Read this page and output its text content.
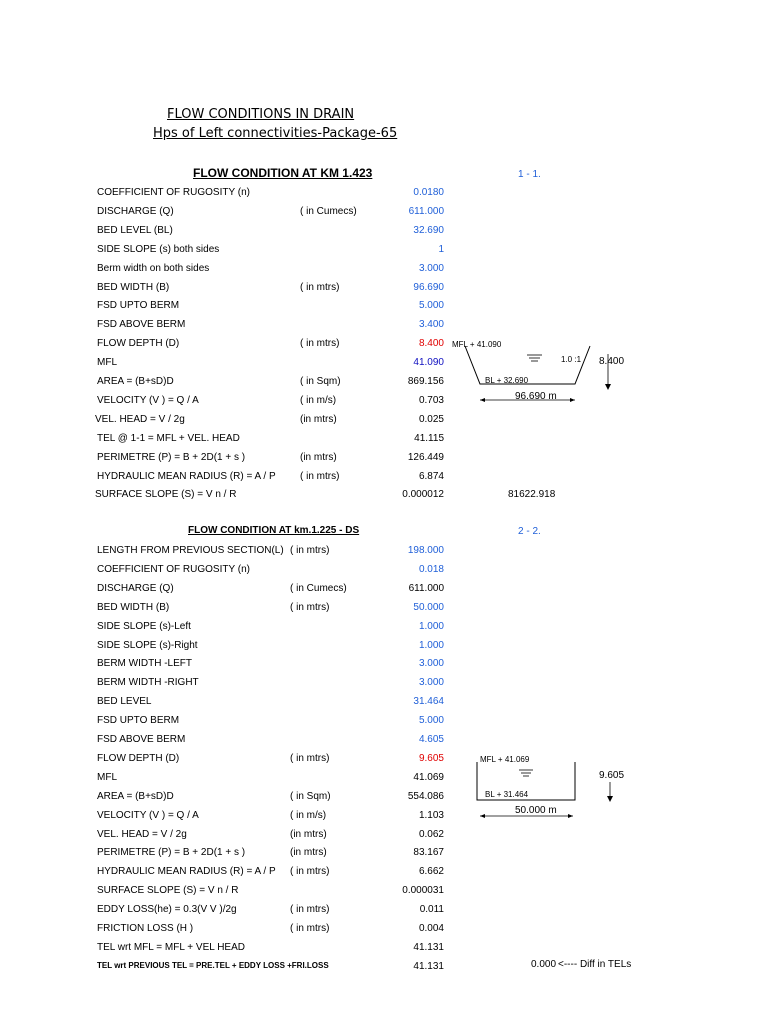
FLOW CONDITIONS IN DRAIN
Hps of Left connectivities-Package-65
FLOW CONDITION AT KM 1.423	1 - 1.
COEFFICIENT OF RUGOSITY (n)	0.0180
DISCHARGE (Q)	( in Cumecs)	611.000
BED LEVEL (BL)	32.690
SIDE SLOPE (s) both sides	1
Berm width on both sides	3.000
BED WIDTH (B)	( in mtrs)	96.690
FSD UPTO BERM	5.000
FSD ABOVE BERM	3.400
FLOW DEPTH (D)	( in mtrs)	8.400
MFL	41.090
AREA = (B+sD)D	( in Sqm)	869.156
VELOCITY (V ) = Q / A	( in m/s)	0.703
VEL. HEAD = V / 2g	(in mtrs)	0.025
TEL @ 1-1 = MFL + VEL. HEAD	41.115
PERIMETRE (P) = B + 2D(1 + s )	(in mtrs)	126.449
HYDRAULIC MEAN RADIUS (R) = A / P ( in mtrs)	6.874
SURFACE SLOPE (S) = V n / R	0.000012	81622.918
MFL + 41.090
BL + 32.690
1.0 :1 8.400
96.690 m
FLOW CONDITION AT km.1.225 - DS	2 - 2.
LENGTH FROM PREVIOUS SECTION(L) ( in mtrs)	198.000
COEFFICIENT OF RUGOSITY (n)	0.018
DISCHARGE (Q)	( in Cumecs)	611.000
BED WIDTH (B)	( in mtrs)	50.000
SIDE SLOPE (s)-Left	1.000
SIDE SLOPE (s)-Right	1.000
BERM WIDTH -LEFT	3.000
BERM WIDTH -RIGHT	3.000
BED LEVEL	31.464
FSD UPTO BERM	5.000
FSD ABOVE BERM	4.605
FLOW DEPTH (D)	( in mtrs)	9.605
MFL	41.069
AREA = (B+sD)D	( in Sqm)	554.086
VELOCITY (V ) = Q / A	( in m/s)	1.103
VEL. HEAD = V / 2g	(in mtrs)	0.062
PERIMETRE (P) = B + 2D(1 + s )	(in mtrs)	83.167
HYDRAULIC MEAN RADIUS (R) = A / P ( in mtrs)	6.662
SURFACE SLOPE (S) = V n / R	0.000031
EDDY LOSS(he) = 0.3(V V )/2g	( in mtrs)	0.011
FRICTION LOSS (H )	( in mtrs)	0.004
TEL wrt MFL = MFL + VEL HEAD	41.131
TEL wrt PREVIOUS TEL = PRE.TEL + EDDY LOSS +FRI.LOSS	41.131	0.000 <---- Diff in TELs
MFL + 41.069
BL + 31.464
9.605
50.000 m
